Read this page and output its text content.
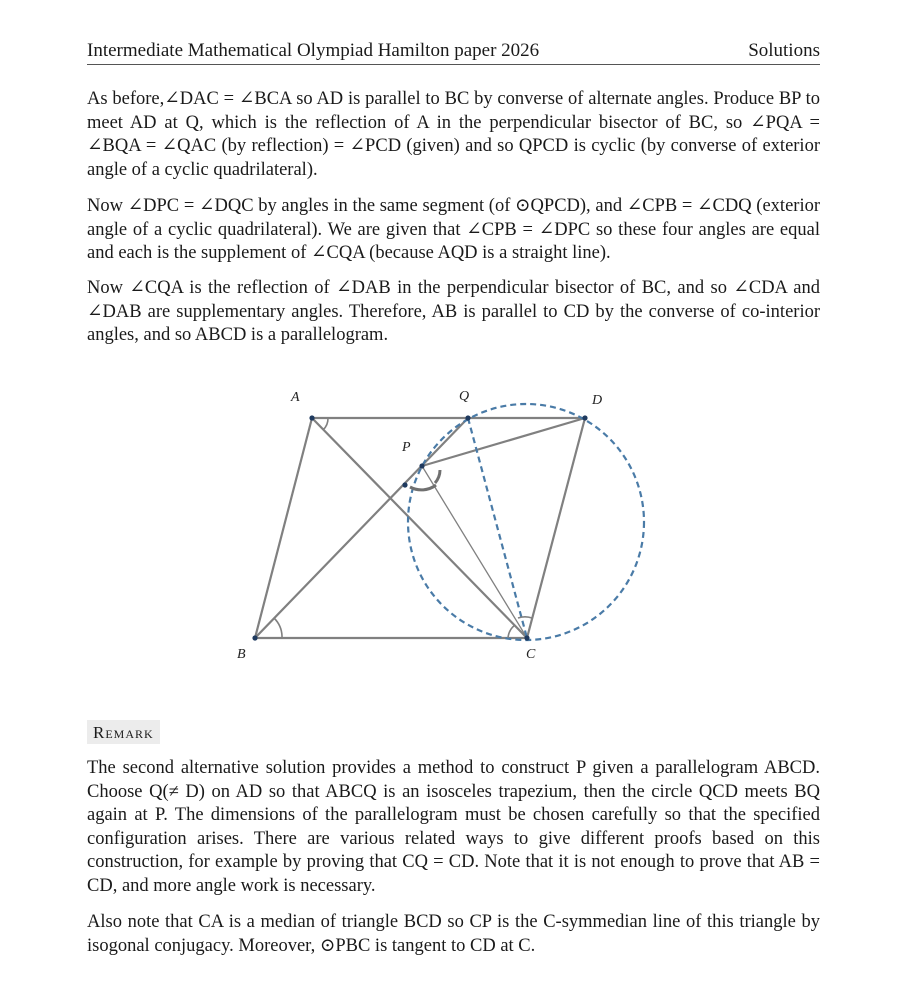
Intermediate Mathematical Olympiad Hamilton paper 2026	Solutions

As before,∠DAC = ∠BCA so AD is parallel to BC by converse of alternate angles. Produce BP to meet AD at Q, which is the reflection of A in the perpendicular bisector of BC, so ∠PQA = ∠BQA = ∠QAC (by reflection) = ∠PCD (given) and so QPCD is cyclic (by converse of exterior angle of a cyclic quadrilateral).

Now ∠DPC = ∠DQC by angles in the same segment (of ⊙QPCD), and ∠CPB = ∠CDQ (exterior angle of a cyclic quadrilateral). We are given that ∠CPB = ∠DPC so these four angles are equal and each is the supplement of ∠CQA (because AQD is a straight line).

Now ∠CQA is the reflection of ∠DAB in the perpendicular bisector of BC, and so ∠CDA and ∠DAB are supplementary angles. Therefore, AB is parallel to CD by the converse of co-interior angles, and so ABCD is a parallelogram.

A	Q	D
P
B	C
Remark

The second alternative solution provides a method to construct P given a parallelogram ABCD. Choose Q(≠ D) on AD so that ABCQ is an isosceles trapezium, then the circle QCD meets BQ again at P. The dimensions of the parallelogram must be chosen carefully so that the specified configuration arises. There are various related ways to give different proofs based on this construction, for example by proving that CQ = CD. Note that it is not enough to prove that AB = CD, and more angle work is necessary.

Also note that CA is a median of triangle BCD so CP is the C-symmedian line of this triangle by isogonal conjugacy. Moreover, ⊙PBC is tangent to CD at C.
